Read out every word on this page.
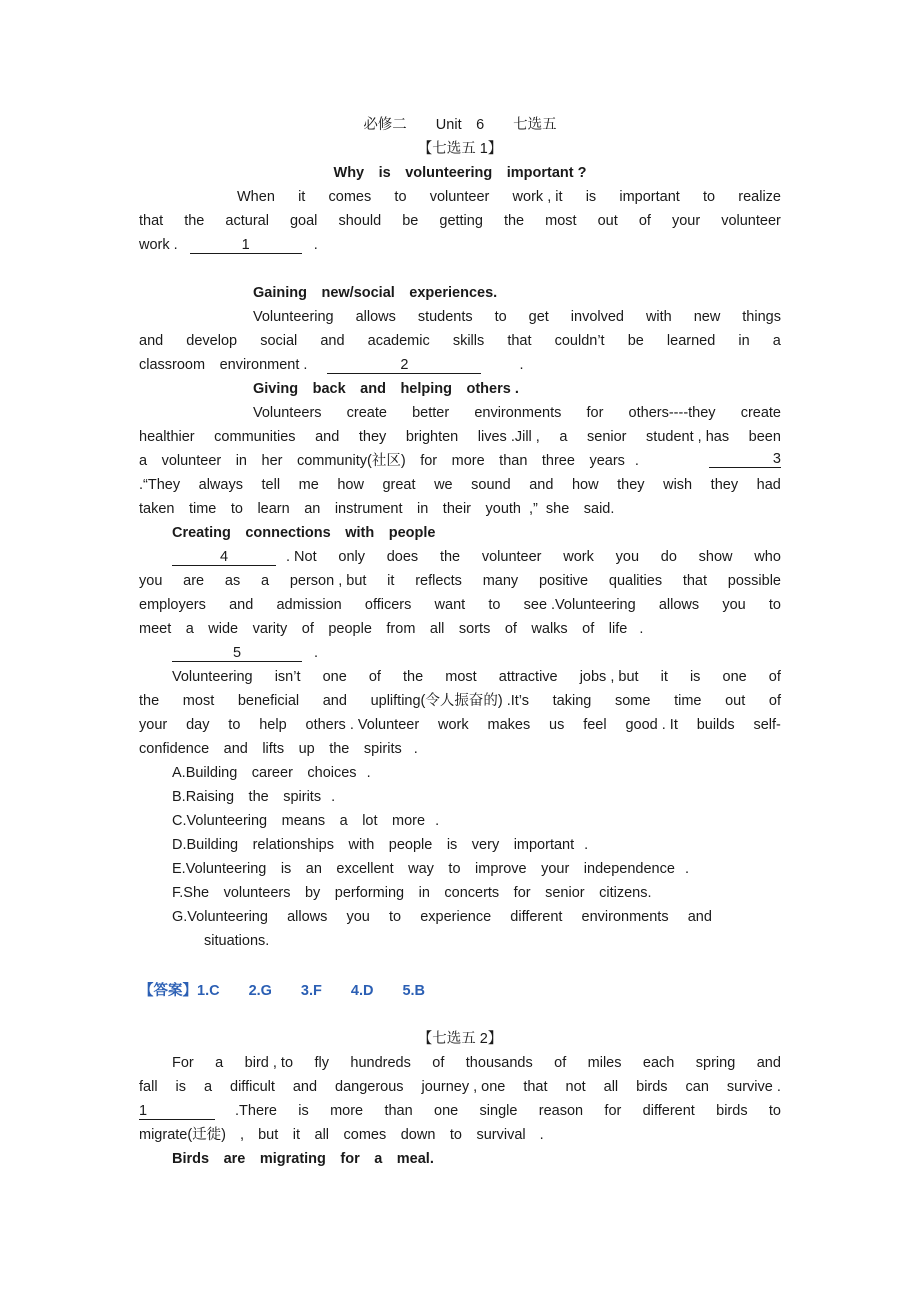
必修二　　Unit　6　　七选五
【七选五 1】
Why　is　volunteering　important ?
When it comes to volunteer work , it is important to realize
that the actural goal should be getting the most out of your volunteer
work .	1	.
Gaining　new/social　experiences.
Volunteering allows students to get involved with new things
and develop social and academic skills that couldn’t be learned in a
classroom　environment .	2	.
Giving　back　and　helping　others .
Volunteers create better environments for others----they create
healthier communities and they brighten lives .Jill , a senior student , has been
a　volunteer　in　her　community(社区)　for　more　than　three　years .	3
.“They always tell me how great we sound and how they wish they had
taken　time　to　learn　an　instrument　in　their　youth ,” she　said.
Creating　connections　with　people
4	. Not only does the volunteer work you do show who
you are as a person , but it reflects many positive qualities that possible
employers and admission officers want to see .Volunteering allows you to
meet　a　wide　varity　of　people　from　all　sorts　of　walks　of　life .
5	.
Volunteering isn’t one of the most attractive jobs , but it is one of
the most beneficial and uplifting(令人振奋的) .It’s taking some time out of
your day to help others . Volunteer work makes us feel good . It builds self-
confidence　and　lifts　up　the　spirits .
A.Building　career　choices .
B.Raising　the　spirits .
C.Volunteering　means　a　lot　more .
D.Building　relationships　with　people　is　very　important .
E.Volunteering　is　an　excellent　way　to　improve　your　independence .
F.She　volunteers　by　performing　in　concerts　for　senior　citizens.
G.Volunteering allows you to experience different environments and
situations.
【答案】1.C　　2.G　　3.F　　4.D　　5.B
【七选五 2】
For a bird , to fly hundreds of thousands of miles each spring and
fall is a difficult and dangerous journey , one that not all birds can survive .
1	.There is more than one single reason for different birds to
migrate(迁徙) , but　it　all　comes　down　to　survival .
Birds　are　migrating　for　a　meal.
